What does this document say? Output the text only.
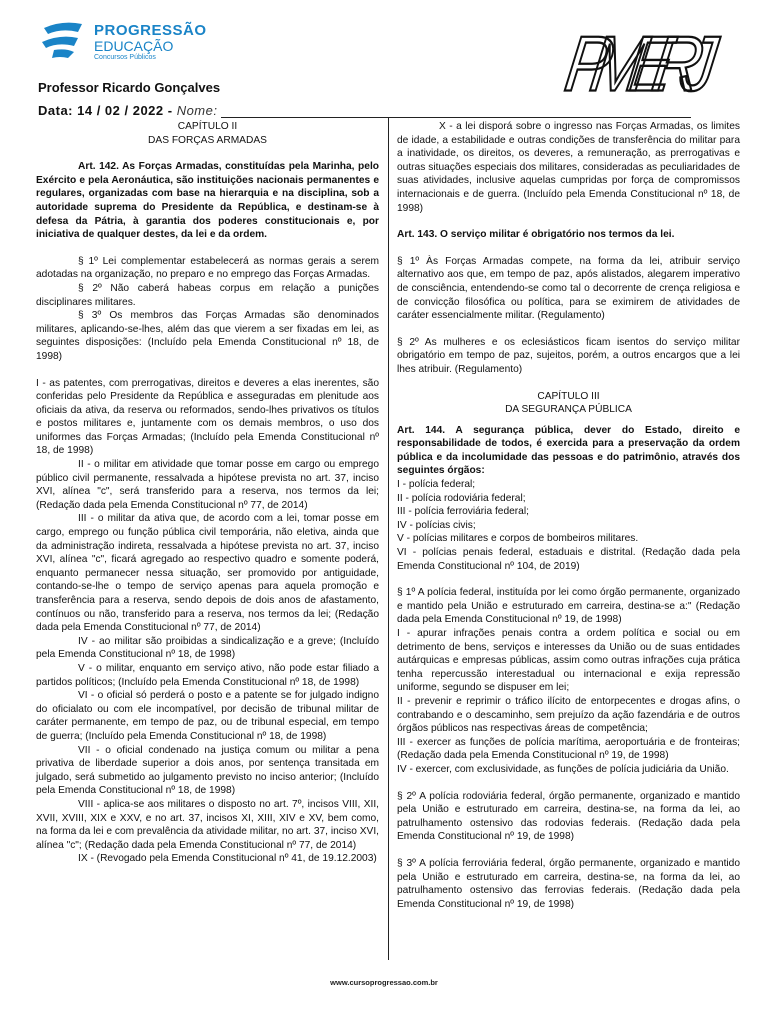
PROGRESSÃO
EDUCAÇÃO
Concursos Públicos	PMERJ
Professor Ricardo Gonçalves
Data: 14 / 02 / 2022 - Nome:

CAPÍTULO II

DAS FORÇAS ARMADAS

Art. 142. As Forças Armadas, constituídas pela Marinha, pelo Exército e pela Aeronáutica, são instituições nacionais permanentes e regulares, organizadas com base na hierarquia e na disciplina, sob a autoridade suprema do Presidente da República, e destinam-se à defesa da Pátria, à garantia dos poderes constitucionais e, por iniciativa de qualquer destes, da lei e da ordem.

§ 1º Lei complementar estabelecerá as normas gerais a serem adotadas na organização, no preparo e no emprego das Forças Armadas.

§ 2º Não caberá habeas corpus em relação a punições disciplinares militares.

§ 3º Os membros das Forças Armadas são denominados militares, aplicando-se-lhes, além das que vierem a ser fixadas em lei, as seguintes disposições: (Incluído pela Emenda Constitucional nº 18, de 1998)

I - as patentes, com prerrogativas, direitos e deveres a elas inerentes, são conferidas pelo Presidente da República e asseguradas em plenitude aos oficiais da ativa, da reserva ou reformados, sendo-lhes privativos os títulos e postos militares e, juntamente com os demais membros, o uso dos uniformes das Forças Armadas; (Incluído pela Emenda Constitucional nº 18, de 1998)

II - o militar em atividade que tomar posse em cargo ou emprego público civil permanente, ressalvada a hipótese prevista no art. 37, inciso XVI, alínea "c", será transferido para a reserva, nos termos da lei; (Redação dada pela Emenda Constitucional nº 77, de 2014)

III - o militar da ativa que, de acordo com a lei, tomar posse em cargo, emprego ou função pública civil temporária, não eletiva, ainda que da administração indireta, ressalvada a hipótese prevista no art. 37, inciso XVI, alínea "c", ficará agregado ao respectivo quadro e somente poderá, enquanto permanecer nessa situação, ser promovido por antiguidade, contando-se-lhe o tempo de serviço apenas para aquela promoção e transferência para a reserva, sendo depois de dois anos de afastamento, contínuos ou não, transferido para a reserva, nos termos da lei; (Redação dada pela Emenda Constitucional nº 77, de 2014)

IV - ao militar são proibidas a sindicalização e a greve; (Incluído pela Emenda Constitucional nº 18, de 1998)

V - o militar, enquanto em serviço ativo, não pode estar filiado a partidos políticos; (Incluído pela Emenda Constitucional nº 18, de 1998)

VI - o oficial só perderá o posto e a patente se for julgado indigno do oficialato ou com ele incompatível, por decisão de tribunal militar de caráter permanente, em tempo de paz, ou de tribunal especial, em tempo de guerra; (Incluído pela Emenda Constitucional nº 18, de 1998)

VII - o oficial condenado na justiça comum ou militar a pena privativa de liberdade superior a dois anos, por sentença transitada em julgado, será submetido ao julgamento previsto no inciso anterior; (Incluído pela Emenda Constitucional nº 18, de 1998)

VIII - aplica-se aos militares o disposto no art. 7º, incisos VIII, XII, XVII, XVIII, XIX e XXV, e no art. 37, incisos XI, XIII, XIV e XV, bem como, na forma da lei e com prevalência da atividade militar, no art. 37, inciso XVI, alínea "c"; (Redação dada pela Emenda Constitucional nº 77, de 2014)

IX - (Revogado pela Emenda Constitucional nº 41, de 19.12.2003)

X - a lei disporá sobre o ingresso nas Forças Armadas, os limites de idade, a estabilidade e outras condições de transferência do militar para a inatividade, os direitos, os deveres, a remuneração, as prerrogativas e outras situações especiais dos militares, consideradas as peculiaridades de suas atividades, inclusive aquelas cumpridas por força de compromissos internacionais e de guerra. (Incluído pela Emenda Constitucional nº 18, de 1998)

Art. 143. O serviço militar é obrigatório nos termos da lei.

§ 1º Às Forças Armadas compete, na forma da lei, atribuir serviço alternativo aos que, em tempo de paz, após alistados, alegarem imperativo de consciência, entendendo-se como tal o decorrente de crença religiosa e de convicção filosófica ou política, para se eximirem de atividades de caráter essencialmente militar. (Regulamento)

§ 2º As mulheres e os eclesiásticos ficam isentos do serviço militar obrigatório em tempo de paz, sujeitos, porém, a outros encargos que a lei lhes atribuir. (Regulamento)

CAPÍTULO III

DA SEGURANÇA PÚBLICA

Art. 144. A segurança pública, dever do Estado, direito e responsabilidade de todos, é exercida para a preservação da ordem pública e da incolumidade das pessoas e do patrimônio, através dos seguintes órgãos:

I - polícia federal;

II - polícia rodoviária federal;

III - polícia ferroviária federal;

IV - polícias civis;

V - polícias militares e corpos de bombeiros militares.

VI - polícias penais federal, estaduais e distrital. (Redação dada pela Emenda Constitucional nº 104, de 2019)

§ 1º A polícia federal, instituída por lei como órgão permanente, organizado e mantido pela União e estruturado em carreira, destina-se a:" (Redação dada pela Emenda Constitucional nº 19, de 1998)

I - apurar infrações penais contra a ordem política e social ou em detrimento de bens, serviços e interesses da União ou de suas entidades autárquicas e empresas públicas, assim como outras infrações cuja prática tenha repercussão interestadual ou internacional e exija repressão uniforme, segundo se dispuser em lei;

II - prevenir e reprimir o tráfico ilícito de entorpecentes e drogas afins, o contrabando e o descaminho, sem prejuízo da ação fazendária e de outros órgãos públicos nas respectivas áreas de competência;

III - exercer as funções de polícia marítima, aeroportuária e de fronteiras; (Redação dada pela Emenda Constitucional nº 19, de 1998)

IV - exercer, com exclusividade, as funções de polícia judiciária da União.

§ 2º A polícia rodoviária federal, órgão permanente, organizado e mantido pela União e estruturado em carreira, destina-se, na forma da lei, ao patrulhamento ostensivo das rodovias federais. (Redação dada pela Emenda Constitucional nº 19, de 1998)

§ 3º A polícia ferroviária federal, órgão permanente, organizado e mantido pela União e estruturado em carreira, destina-se, na forma da lei, ao patrulhamento ostensivo das ferrovias federais. (Redação dada pela Emenda Constitucional nº 19, de 1998)

www.cursoprogressao.com.br
